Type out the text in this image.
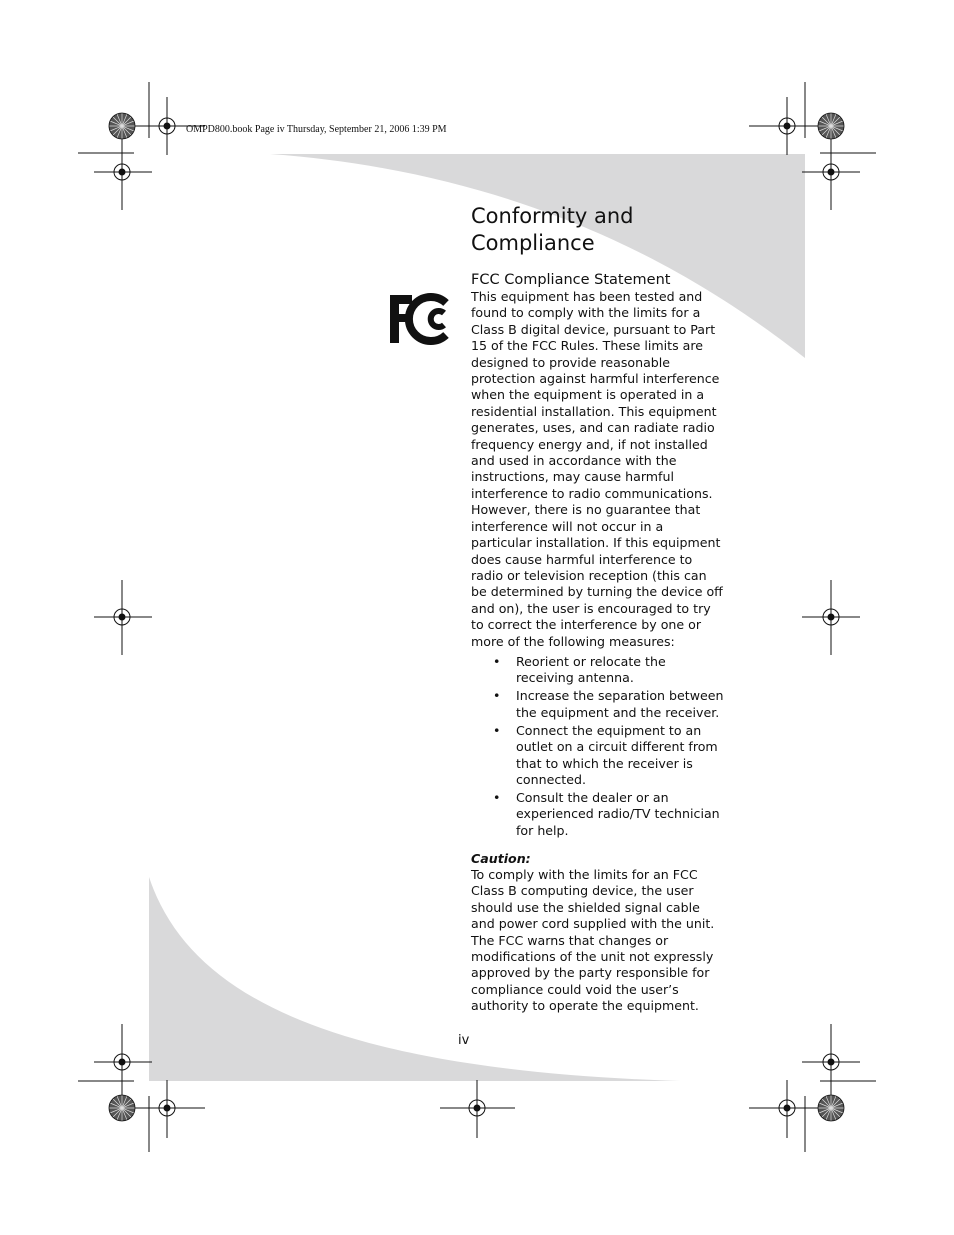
OMPD800.book Page iv Thursday, September 21, 2006 1:39 PM
Conformity and
Compliance
FCC Compliance Statement

This equipment has been tested and found to comply with the limits for a Class B digital device, pursuant to Part 15 of the FCC Rules. These limits are designed to provide reasonable protection against harmful interference when the equipment is operated in a residential installation. This equipment generates, uses, and can radiate radio frequency energy and, if not installed and used in accordance with the instructions, may cause harmful interference to radio communications. However, there is no guarantee that interference will not occur in a particular installation. If this equipment does cause harmful interference to radio or television reception (this can be determined by turning the device off and on), the user is encouraged to try to correct the interference by one or more of the following measures:

• Reorient or relocate the receiving antenna.
• Increase the separation between the equipment and the receiver.
• Connect the equipment to an outlet on a circuit different from that to which the receiver is connected.
• Consult the dealer or an experienced radio/TV technician for help.

Caution:

To comply with the limits for an FCC Class B computing device, the user should use the shielded signal cable and power cord supplied with the unit. The FCC warns that changes or modifications of the unit not expressly approved by the party responsible for compliance could void the user’s authority to operate the equipment.

iv
